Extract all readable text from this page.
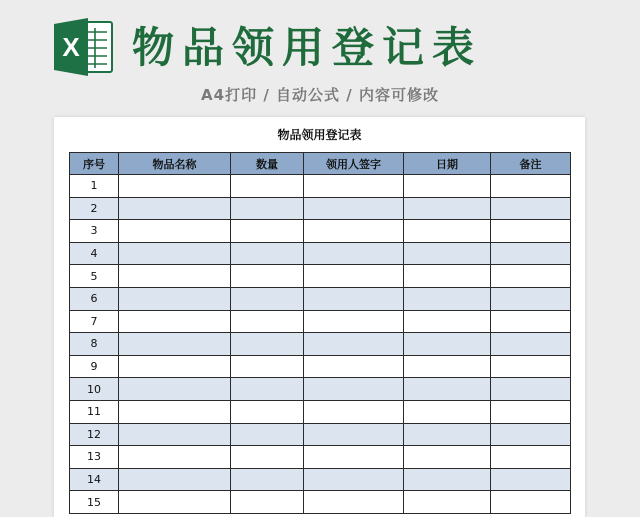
X 物品领用登记表
A4打印 / 自动公式 / 内容可修改
物品领用登记表
序号	物品名称	数量	领用人签字	日期	备注
1					
2					
3					
4					
5					
6					
7					
8					
9					
10					
11					
12					
13					
14					
15					
